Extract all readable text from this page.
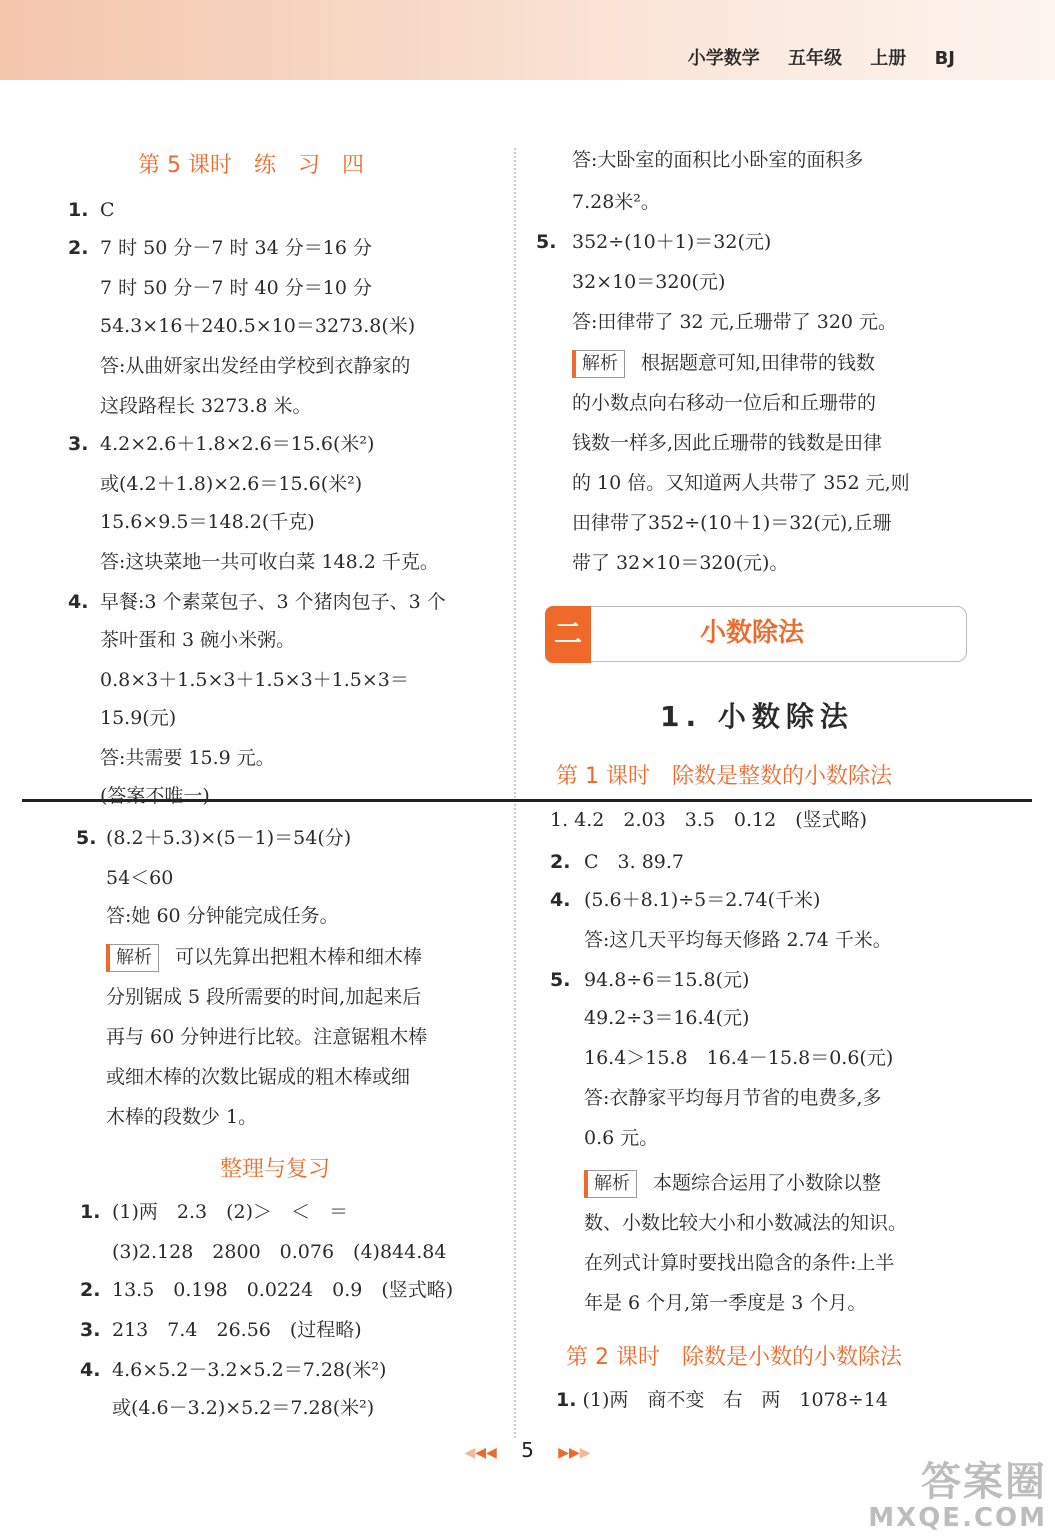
小学数学 五年级 上册 BJ
第 5 课时　练　习　四
1. C
2. 7 时 50 分－7 时 34 分＝16 分
7 时 50 分－7 时 40 分＝10 分
54.3×16＋240.5×10＝3273.8(米)
答:从曲妍家出发经由学校到衣静家的
这段路程长 3273.8 米。
3. 4.2×2.6＋1.8×2.6＝15.6(米²)
或(4.2＋1.8)×2.6＝15.6(米²)
15.6×9.5＝148.2(千克)
答:这块菜地一共可收白菜 148.2 千克。
4. 早餐:3 个素菜包子、3 个猪肉包子、3 个
茶叶蛋和 3 碗小米粥。
0.8×3＋1.5×3＋1.5×3＋1.5×3＝
15.9(元)
答:共需要 15.9 元。
(答案不唯一)
5. (8.2＋5.3)×(5－1)＝54(分)
54＜60
答:她 60 分钟能完成任务。
解析 可以先算出把粗木棒和细木棒
分别锯成 5 段所需要的时间,加起来后
再与 60 分钟进行比较。注意锯粗木棒
或细木棒的次数比锯成的粗木棒或细
木棒的段数少 1。
整理与复习
1. (1)两　2.3　(2)＞　＜　＝
(3)2.128　2800　0.076　(4)844.84
2. 13.5　0.198　0.0224　0.9　(竖式略)
3. 213　7.4　26.56　(过程略)
4. 4.6×5.2－3.2×5.2＝7.28(米²)
或(4.6－3.2)×5.2＝7.28(米²)
答:大卧室的面积比小卧室的面积多
7.28米²。
5. 352÷(10＋1)＝32(元)
32×10＝320(元)
答:田律带了 32 元,丘珊带了 320 元。
解析 根据题意可知,田律带的钱数
的小数点向右移动一位后和丘珊带的
钱数一样多,因此丘珊带的钱数是田律
的 10 倍。又知道两人共带了 352 元,则
田律带了352÷(10＋1)＝32(元),丘珊
带了 32×10＝320(元)。
二	小数除法
1. 小数除法
第 1 课时　除数是整数的小数除法
1. 4.2　2.03　3.5　0.12　(竖式略)
2. C　3. 89.7
4. (5.6＋8.1)÷5＝2.74(千米)
答:这几天平均每天修路 2.74 千米。
5. 94.8÷6＝15.8(元)
49.2÷3＝16.4(元)
16.4＞15.8　16.4－15.8＝0.6(元)
答:衣静家平均每月节省的电费多,多
0.6 元。
解析 本题综合运用了小数除以整
数、小数比较大小和小数减法的知识。
在列式计算时要找出隐含的条件:上半
年是 6 个月,第一季度是 3 个月。
第 2 课时　除数是小数的小数除法
1. (1)两　商不变　右　两　1078÷14
◀◀◀ 5 ▶▶▶
答案圈
MXQE.COM
